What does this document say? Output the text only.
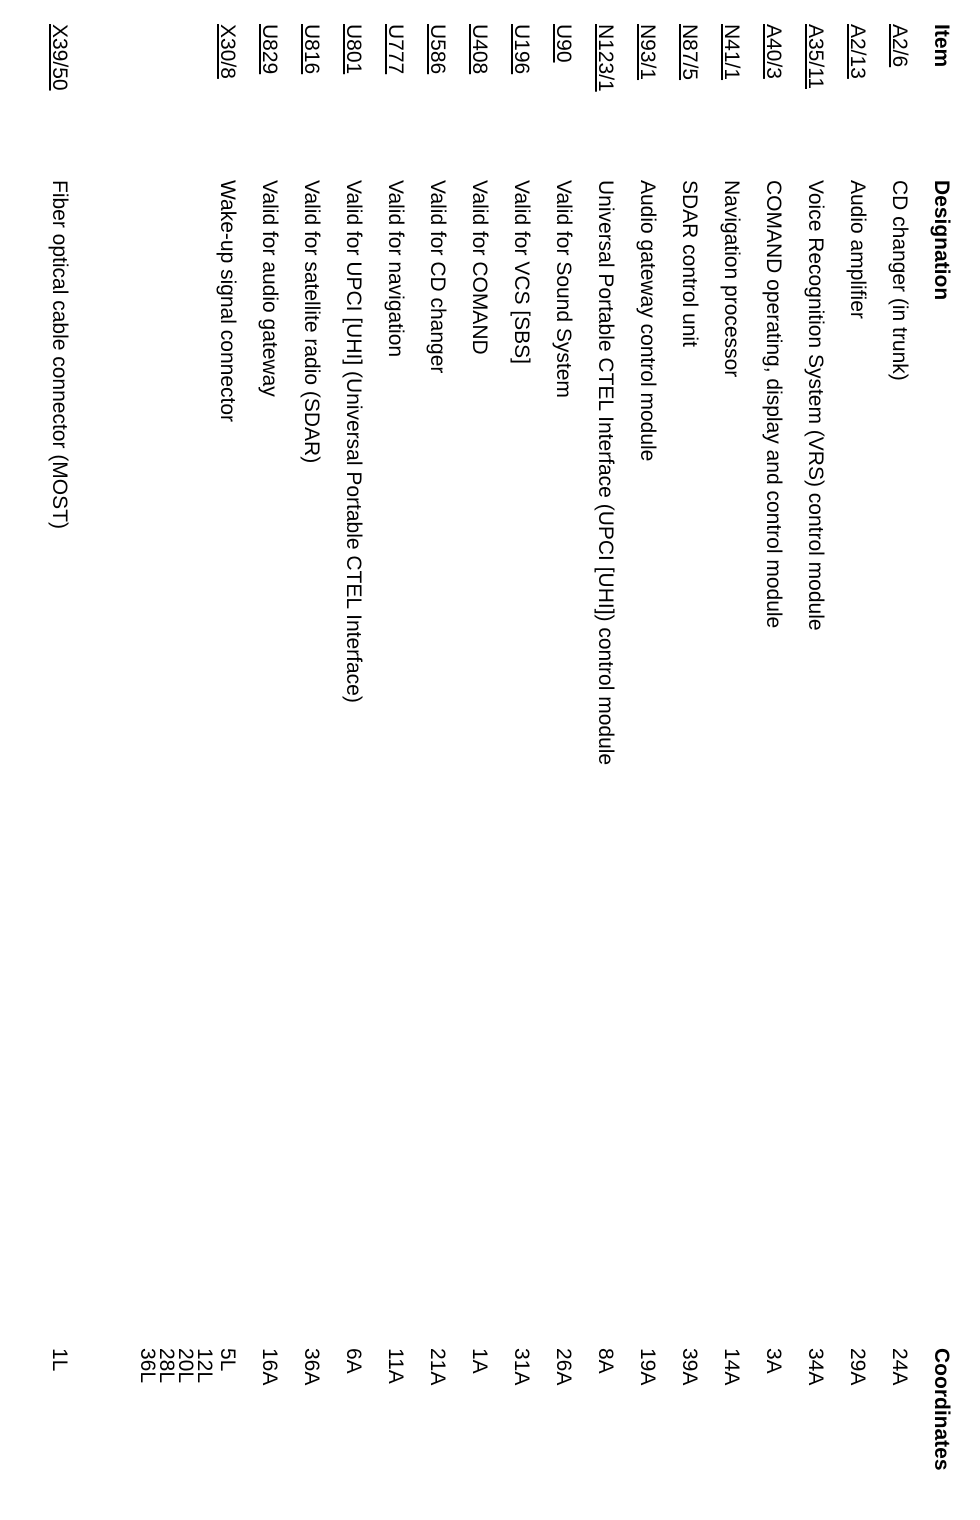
Item
Designation
Coordinates
A2/6
CD changer (in trunk)
24A
A2/13
Audio amplifier
29A
A35/11
Voice Recognition System (VRS) control module
34A
A40/3
COMAND operating, display and control module
3A
N41/1
Navigation processor
14A
N87/5
SDAR control unit
39A
N93/1
Audio gateway control module
19A
N123/1
Universal Portable CTEL Interface (UPCI [UHI]) control module
8A
U90
Valid for Sound System
26A
U196
Valid for VCS [SBS]
31A
U408
Valid for COMAND
1A
U586
Valid for CD changer
21A
U777
Valid for navigation
11A
U801
Valid for UPCI [UHI] (Universal Portable CTEL Interface)
6A
U816
Valid for satellite radio (SDAR)
36A
U829
Valid for audio gateway
16A
X30/8
Wake-up signal connector
5L
12L
20L
28L
36L
X39/50
Fiber optical cable connector (MOST)
1L
